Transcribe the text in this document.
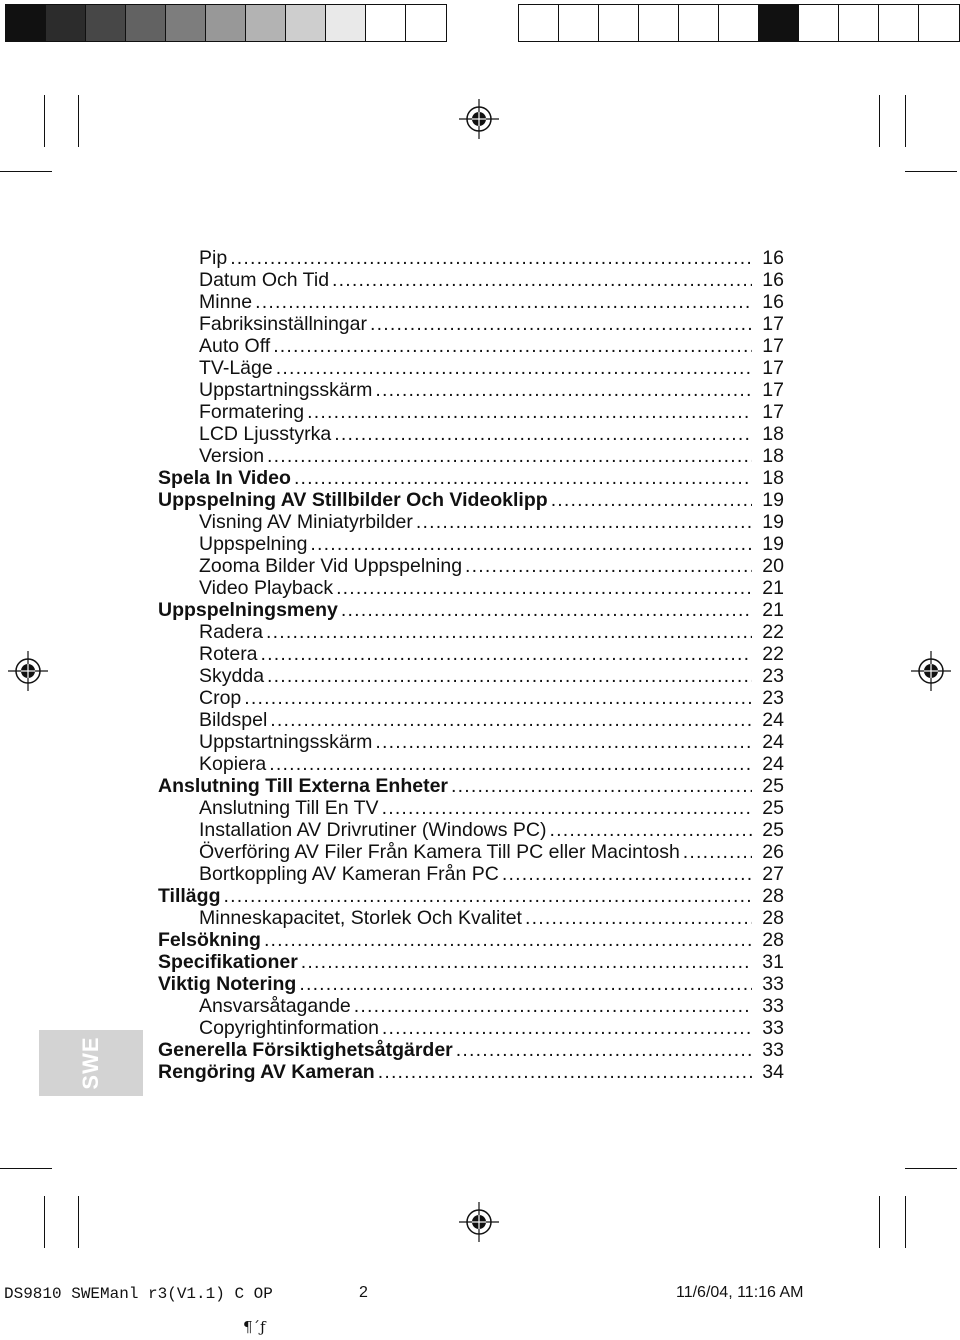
SWE
Pip .....	16
Datum Och Tid .....	16
Minne .....	16
Fabriksinställningar .....	17
Auto Off .....	17
TV-Läge .....	17
Uppstartningsskärm .....	17
Formatering .....	17
LCD Ljusstyrka .....	18
Version .....	18
Spela In Video .....	18
Uppspelning AV Stillbilder Och Videoklipp .....	19
Visning AV Miniatyrbilder .....	19
Uppspelning .....	19
Zooma Bilder Vid Uppspelning .....	20
Video Playback .....	21
Uppspelningsmeny .....	21
Radera .....	22
Rotera .....	22
Skydda .....	23
Crop .....	23
Bildspel .....	24
Uppstartningsskärm .....	24
Kopiera .....	24
Anslutning Till Externa Enheter .....	25
Anslutning Till En TV .....	25
Installation AV Drivrutiner (Windows PC) .....	25
Överföring AV Filer Från Kamera Till PC eller Macintosh .....	26
Bortkoppling AV Kameran Från PC .....	27
Tillägg .....	28
Minneskapacitet, Storlek Och Kvalitet .....	28
Felsökning .....	28
Specifikationer .....	31
Viktig Notering .....	33
Ansvarsåtagande .....	33
Copyrightinformation .....	33
Generella Försiktighetsåtgärder .....	33
Rengöring AV Kameran .....	34
DS9810 SWEManl r3(V1.1) C OP	2	11/6/04, 11:16 AM
¶´ƒ
